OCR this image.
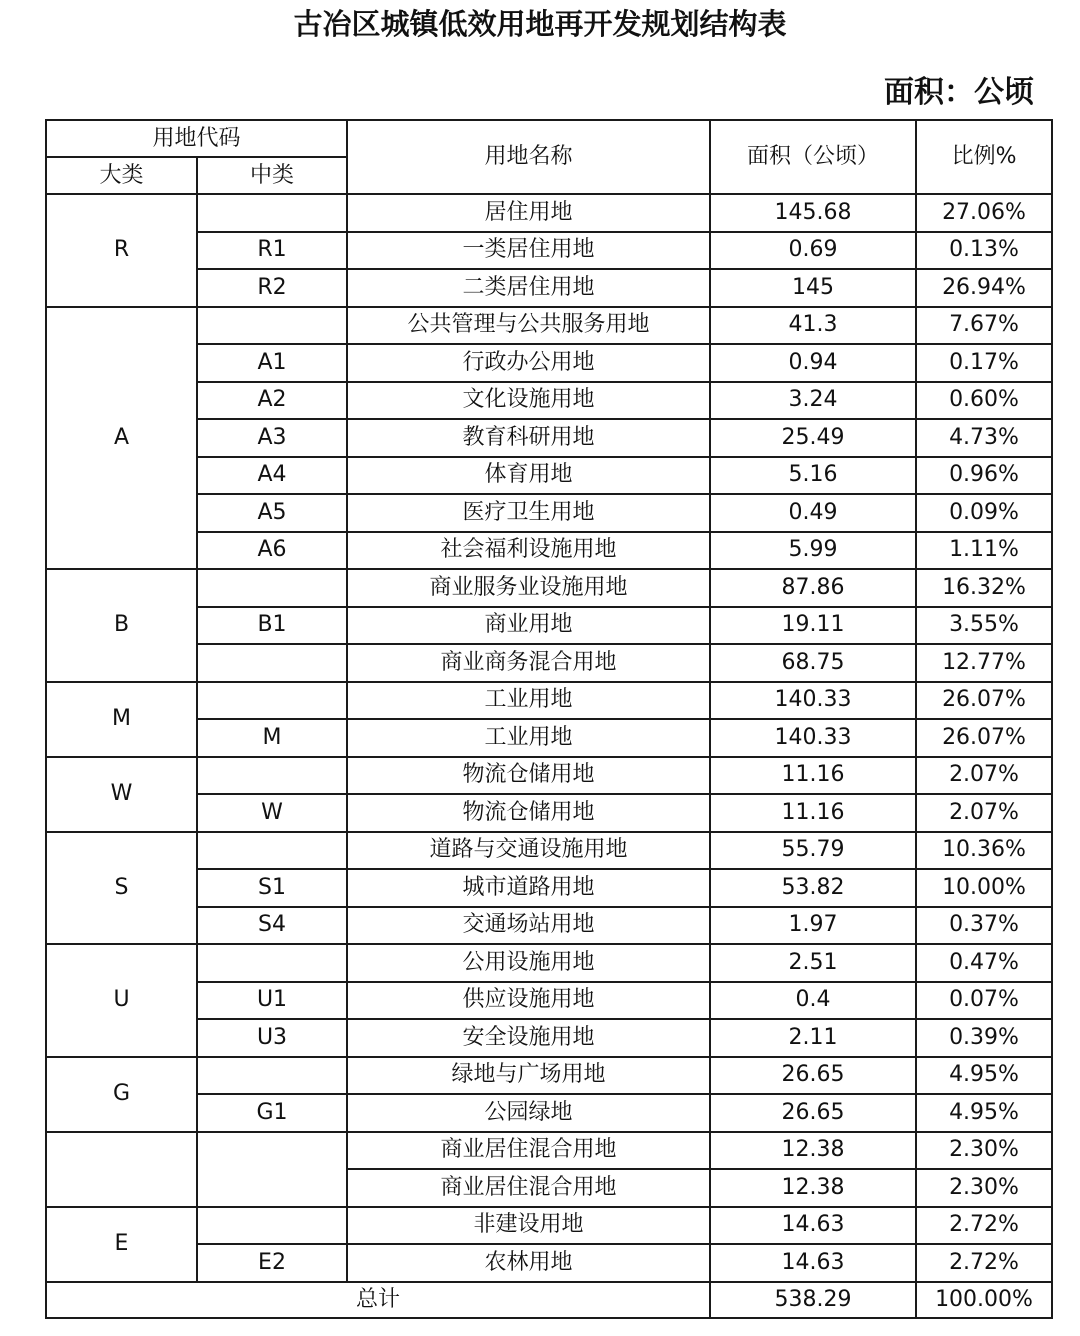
古冶区城镇低效用地再开发规划结构表
面积：公顷
用地代码		用地名称	面积（公顷）	比例%
大类	中类			
R		居住用地	145.68	27.06%
	R1	一类居住用地	0.69	0.13%
	R2	二类居住用地	145	26.94%
A		公共管理与公共服务用地	41.3	7.67%
	A1	行政办公用地	0.94	0.17%
	A2	文化设施用地	3.24	0.60%
	A3	教育科研用地	25.49	4.73%
	A4	体育用地	5.16	0.96%
	A5	医疗卫生用地	0.49	0.09%
	A6	社会福利设施用地	5.99	1.11%
B		商业服务业设施用地	87.86	16.32%
	B1	商业用地	19.11	3.55%
		商业商务混合用地	68.75	12.77%
M		工业用地	140.33	26.07%
	M	工业用地	140.33	26.07%
W		物流仓储用地	11.16	2.07%
	W	物流仓储用地	11.16	2.07%
S		道路与交通设施用地	55.79	10.36%
	S1	城市道路用地	53.82	10.00%
	S4	交通场站用地	1.97	0.37%
U		公用设施用地	2.51	0.47%
	U1	供应设施用地	0.4	0.07%
	U3	安全设施用地	2.11	0.39%
G		绿地与广场用地	26.65	4.95%
	G1	公园绿地	26.65	4.95%
		商业居住混合用地	12.38	2.30%
		商业居住混合用地	12.38	2.30%
E		非建设用地	14.63	2.72%
	E2	农林用地	14.63	2.72%
总计			538.29	100.00%
